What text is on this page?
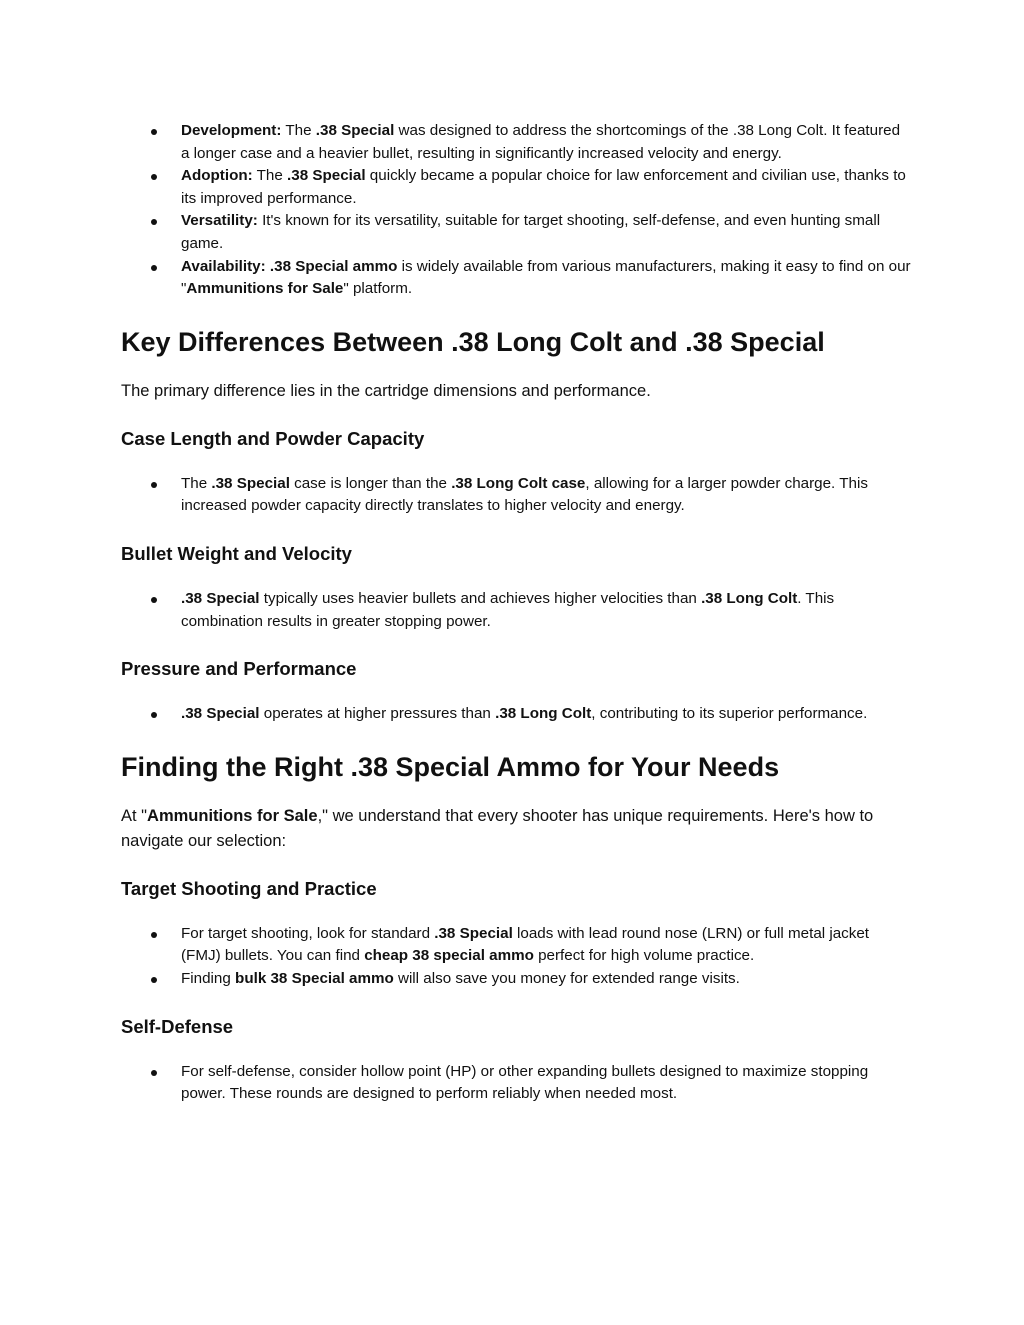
Development: The .38 Special was designed to address the shortcomings of the .38 Long Colt. It featured a longer case and a heavier bullet, resulting in significantly increased velocity and energy.
Adoption: The .38 Special quickly became a popular choice for law enforcement and civilian use, thanks to its improved performance.
Versatility: It's known for its versatility, suitable for target shooting, self-defense, and even hunting small game.
Availability: .38 Special ammo is widely available from various manufacturers, making it easy to find on our "Ammunitions for Sale" platform.
Key Differences Between .38 Long Colt and .38 Special

The primary difference lies in the cartridge dimensions and performance.

Case Length and Powder Capacity
The .38 Special case is longer than the .38 Long Colt case, allowing for a larger powder charge. This increased powder capacity directly translates to higher velocity and energy.
Bullet Weight and Velocity
.38 Special typically uses heavier bullets and achieves higher velocities than .38 Long Colt. This combination results in greater stopping power.
Pressure and Performance
.38 Special operates at higher pressures than .38 Long Colt, contributing to its superior performance.
Finding the Right .38 Special Ammo for Your Needs

At "Ammunitions for Sale," we understand that every shooter has unique requirements. Here's how to navigate our selection:

Target Shooting and Practice
For target shooting, look for standard .38 Special loads with lead round nose (LRN) or full metal jacket (FMJ) bullets. You can find cheap 38 special ammo perfect for high volume practice.
Finding bulk 38 Special ammo will also save you money for extended range visits.
Self-Defense
For self-defense, consider hollow point (HP) or other expanding bullets designed to maximize stopping power. These rounds are designed to perform reliably when needed most.
